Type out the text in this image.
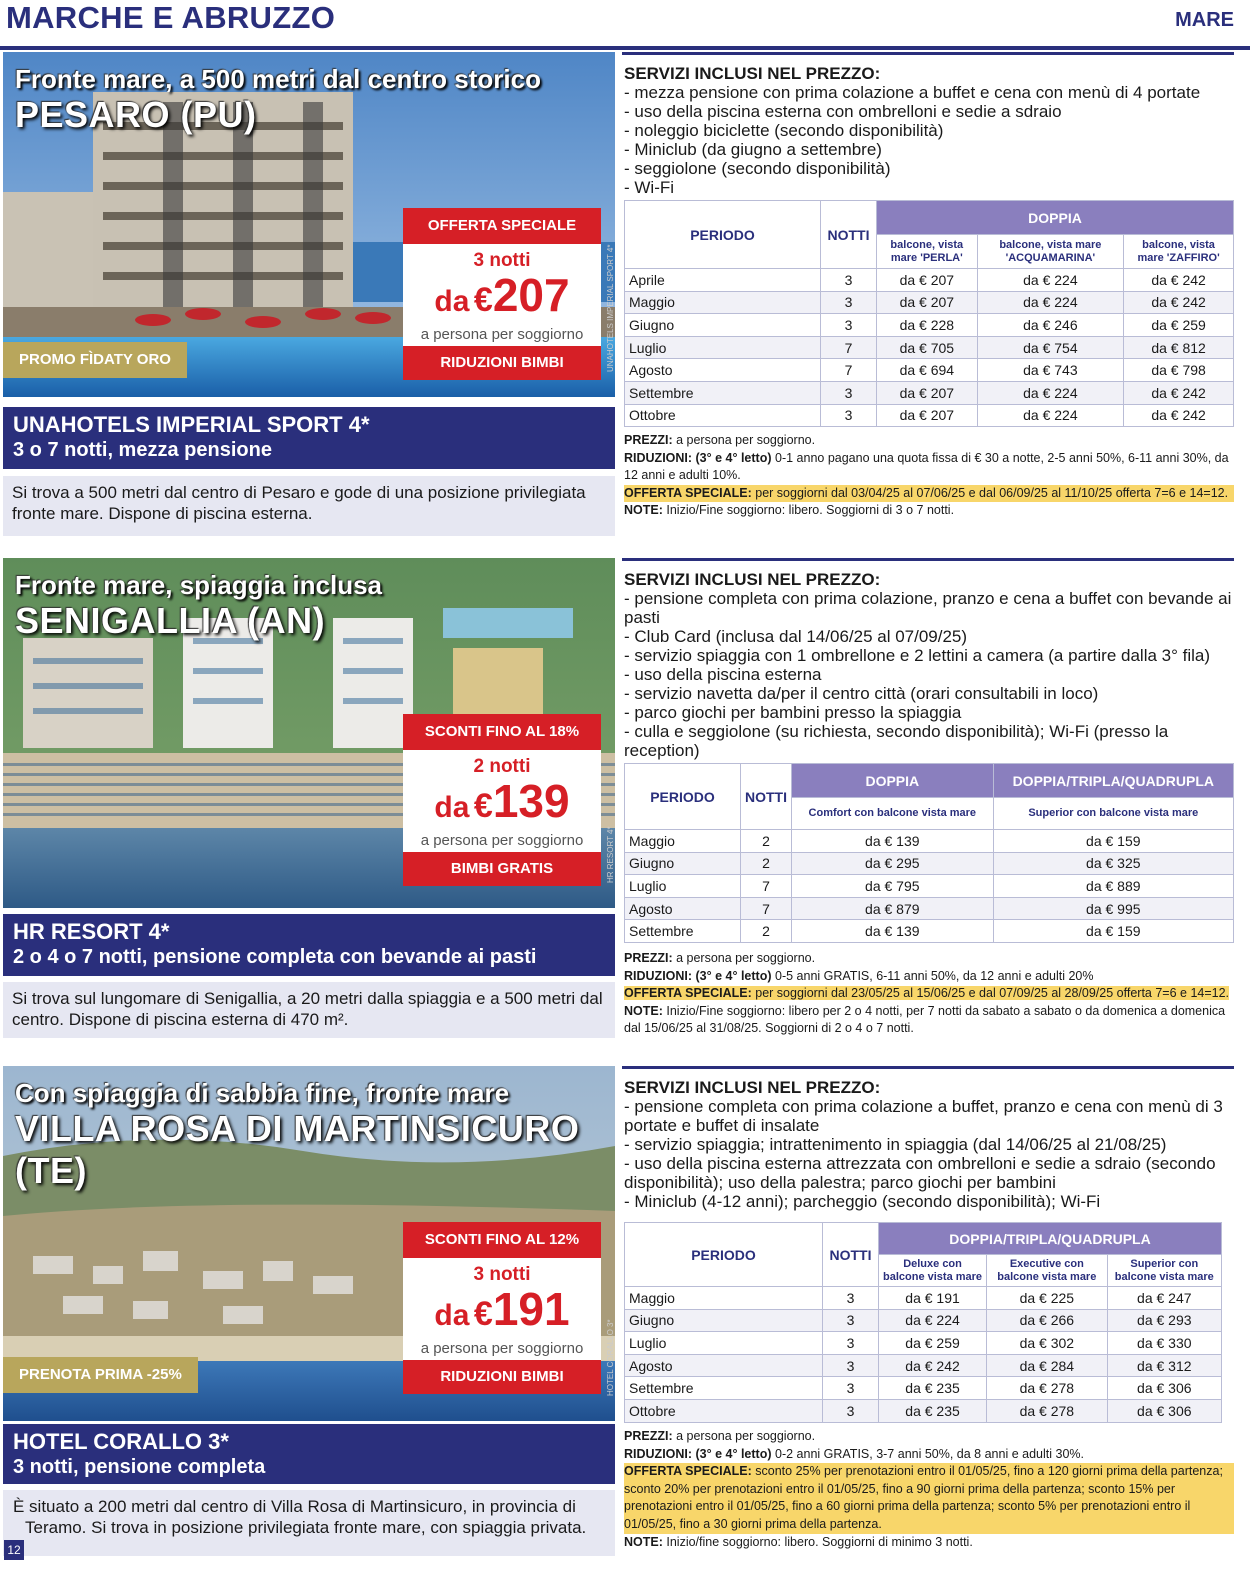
MARCHE E ABRUZZO	MARE
Fronte mare, a 500 metri dal centro storico
PESARO (PU)
OFFERTA SPECIALE
3 notti
da €207
a persona per soggiorno
RIDUZIONI BIMBI	UNAHOTELS IMPERIAL SPORT 4*
PROMO FÌDATY ORO
UNAHOTELS IMPERIAL SPORT 4*
3 o 7 notti, mezza pensione
Si trova a 500 metri dal centro di Pesaro e gode di una posizione privilegiata fronte mare. Dispone di piscina esterna.
SERVIZI INCLUSI NEL PREZZO:
- mezza pensione con prima colazione a buffet e cena con menù di 4 portate
- uso della piscina esterna con ombrelloni e sedie a sdraio
- noleggio biciclette (secondo disponibilità)
- Miniclub (da giugno a settembre)
- seggiolone (secondo disponibilità)
- Wi-Fi
PERIODO	NOTTI	DOPPIA		
		balcone, vista mare 'PERLA'	balcone, vista mare 'ACQUAMARINA'	balcone, vista mare 'ZAFFIRO'
Aprile	3	da € 207	da € 224	da € 242
Maggio	3	da € 207	da € 224	da € 242
Giugno	3	da € 228	da € 246	da € 259
Luglio	7	da € 705	da € 754	da € 812
Agosto	7	da € 694	da € 743	da € 798
Settembre	3	da € 207	da € 224	da € 242
Ottobre	3	da € 207	da € 224	da € 242
PREZZI: a persona per soggiorno.
RIDUZIONI: (3° e 4° letto) 0-1 anno pagano una quota fissa di € 30 a notte, 2-5 anni 50%, 6-11 anni 30%, da 12 anni e adulti 10%.
OFFERTA SPECIALE: per soggiorni dal 03/04/25 al 07/06/25 e dal 06/09/25 al 11/10/25 offerta 7=6 e 14=12.
NOTE: Inizio/Fine soggiorno: libero. Soggiorni di 3 o 7 notti.
Fronte mare, spiaggia inclusa
SENIGALLIA (AN)
SCONTI FINO AL 18%
2 notti
da €139
a persona per soggiorno
BIMBI GRATIS	HR RESORT 4*
HR RESORT 4*
2 o 4 o 7 notti, pensione completa con bevande ai pasti
Si trova sul lungomare di Senigallia, a 20 metri dalla spiaggia e a 500 metri dal centro. Dispone di piscina esterna di 470 m².
SERVIZI INCLUSI NEL PREZZO:
- pensione completa con prima colazione, pranzo e cena a buffet con bevande ai pasti
- Club Card (inclusa dal 14/06/25 al 07/09/25)
- servizio spiaggia con 1 ombrellone e 2 lettini a camera (a partire dalla 3° fila)
- uso della piscina esterna
- servizio navetta da/per il centro città (orari consultabili in loco)
- parco giochi per bambini presso la spiaggia
- culla e seggiolone (su richiesta, secondo disponibilità); Wi-Fi (presso la reception)
PERIODO	NOTTI	DOPPIA	DOPPIA/TRIPLA/QUADRUPLA
		Comfort con balcone vista mare	Superior con balcone vista mare
Maggio	2	da € 139	da € 159
Giugno	2	da € 295	da € 325
Luglio	7	da € 795	da € 889
Agosto	7	da € 879	da € 995
Settembre	2	da € 139	da € 159
PREZZI: a persona per soggiorno.
RIDUZIONI: (3° e 4° letto) 0-5 anni GRATIS, 6-11 anni 50%, da 12 anni e adulti 20%
OFFERTA SPECIALE: per soggiorni dal 23/05/25 al 15/06/25 e dal 07/09/25 al 28/09/25 offerta 7=6 e 14=12. NOTE: Inizio/Fine soggiorno: libero per 2 o 4 notti, per 7 notti da sabato a sabato o da domenica a domenica dal 15/06/25 al 31/08/25. Soggiorni di 2 o 4 o 7 notti.
Con spiaggia di sabbia fine, fronte mare
VILLA ROSA DI MARTINSICURO (TE)
SCONTI FINO AL 12%
3 notti
da €191
a persona per soggiorno
RIDUZIONI BIMBI	HOTEL CORALLO 3*
PRENOTA PRIMA -25%
HOTEL CORALLO 3*
3 notti, pensione completa
È situato a 200 metri dal centro di Villa Rosa di Martinsicuro, in provincia di Teramo. Si trova in posizione privilegiata fronte mare, con spiaggia privata.
SERVIZI INCLUSI NEL PREZZO:
- pensione completa con prima colazione a buffet, pranzo e cena con menù di 3 portate e buffet di insalate
- servizio spiaggia; intrattenimento in spiaggia (dal 14/06/25 al 21/08/25)
- uso della piscina esterna attrezzata con ombrelloni e sedie a sdraio (secondo disponibilità); uso della palestra; parco giochi per bambini
- Miniclub (4-12 anni); parcheggio (secondo disponibilità); Wi-Fi
PERIODO	NOTTI	DOPPIA/TRIPLA/QUADRUPLA		
		Deluxe con balcone vista mare	Executive con balcone vista mare	Superior con balcone vista mare
Maggio	3	da € 191	da € 225	da € 247
Giugno	3	da € 224	da € 266	da € 293
Luglio	3	da € 259	da € 302	da € 330
Agosto	3	da € 242	da € 284	da € 312
Settembre	3	da € 235	da € 278	da € 306
Ottobre	3	da € 235	da € 278	da € 306
PREZZI: a persona per soggiorno.
RIDUZIONI: (3° e 4° letto) 0-2 anni GRATIS, 3-7 anni 50%, da 8 anni e adulti 30%.
OFFERTA SPECIALE: sconto 25% per prenotazioni entro il 01/05/25, fino a 120 giorni prima della partenza; sconto 20% per prenotazioni entro il 01/05/25, fino a 90 giorni prima della partenza; sconto 15% per prenotazioni entro il 01/05/25, fino a 60 giorni prima della partenza; sconto 5% per prenotazioni entro il 01/05/25, fino a 30 giorni prima della partenza.
NOTE: Inizio/fine soggiorno: libero. Soggiorni di minimo 3 notti.
12
